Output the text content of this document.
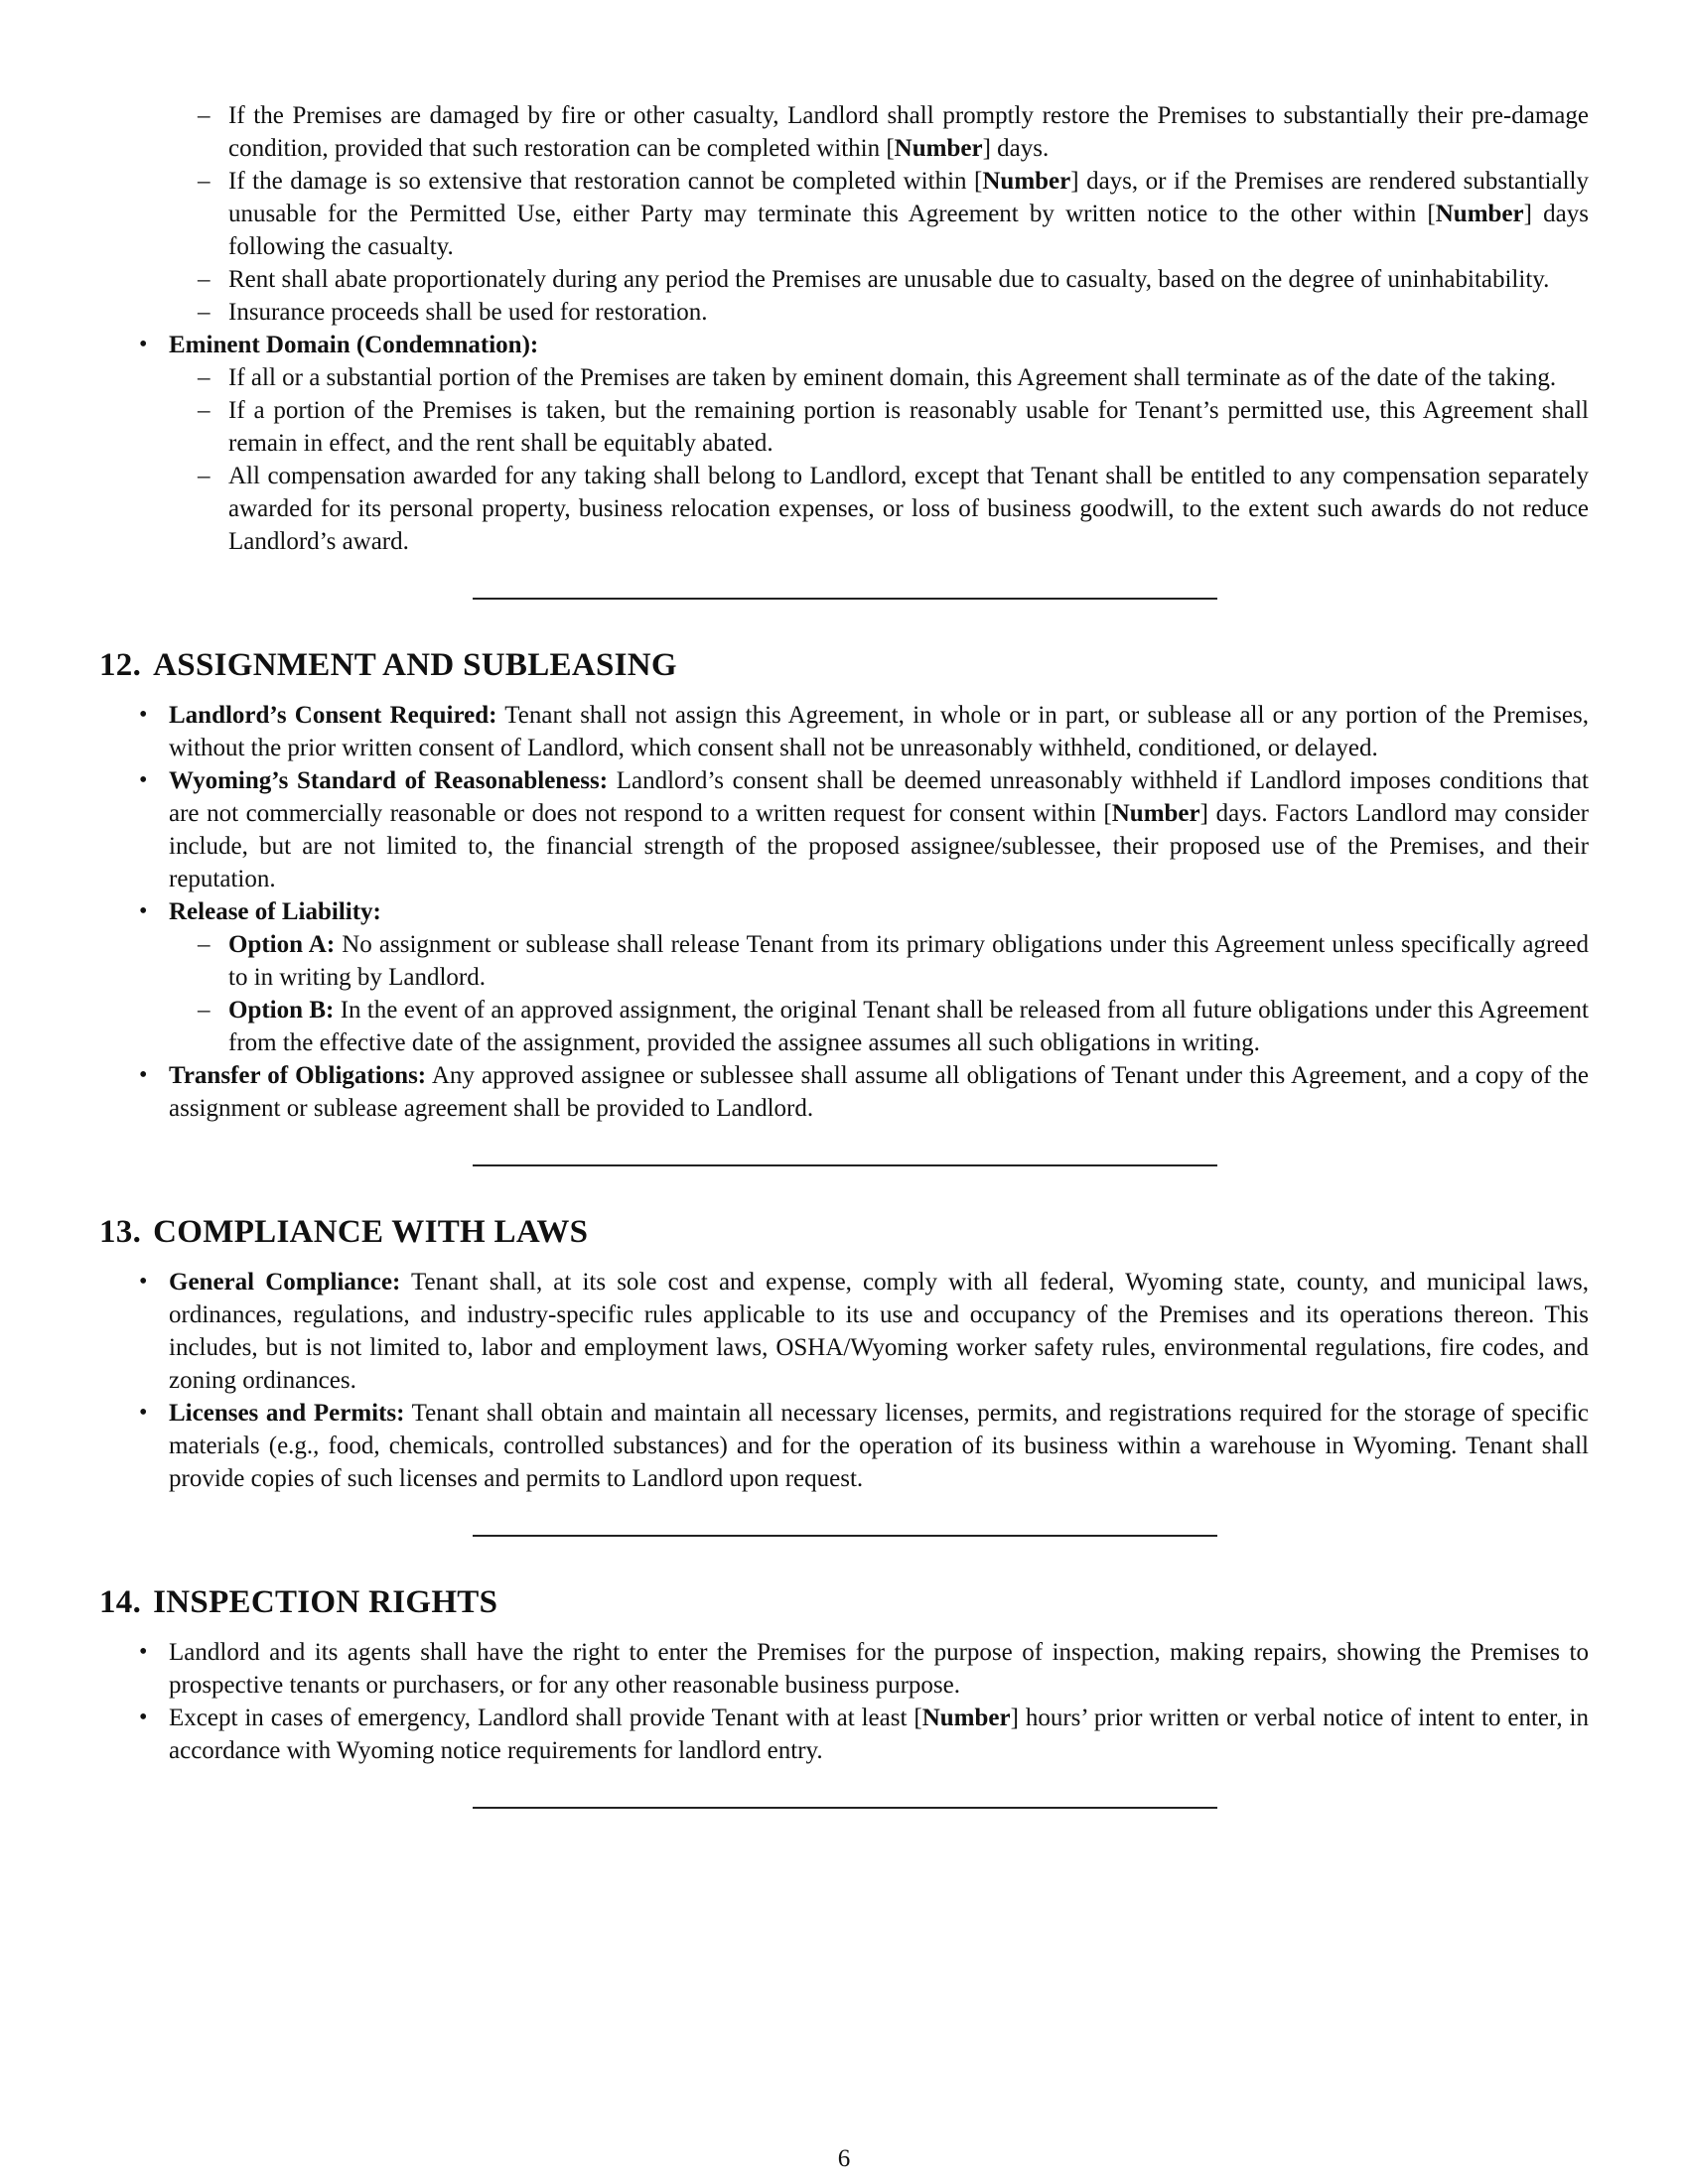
– If the Premises are damaged by fire or other casualty, Landlord shall promptly restore the Premises to substantially their pre-damage condition, provided that such restoration can be completed within [Number] days.
– If the damage is so extensive that restoration cannot be completed within [Number] days, or if the Premises are rendered substantially unusable for the Permitted Use, either Party may terminate this Agreement by written notice to the other within [Number] days following the casualty.
– Rent shall abate proportionately during any period the Premises are unusable due to casualty, based on the degree of uninhabitability.
– Insurance proceeds shall be used for restoration.
• Eminent Domain (Condemnation):
– If all or a substantial portion of the Premises are taken by eminent domain, this Agreement shall terminate as of the date of the taking.
– If a portion of the Premises is taken, but the remaining portion is reasonably usable for Tenant’s permitted use, this Agreement shall remain in effect, and the rent shall be equitably abated.
– All compensation awarded for any taking shall belong to Landlord, except that Tenant shall be entitled to any compensation separately awarded for its personal property, business relocation expenses, or loss of business goodwill, to the extent such awards do not reduce Landlord’s award.
12. ASSIGNMENT AND SUBLEASING
• Landlord’s Consent Required: Tenant shall not assign this Agreement, in whole or in part, or sublease all or any portion of the Premises, without the prior written consent of Landlord, which consent shall not be unreasonably withheld, conditioned, or delayed.
• Wyoming’s Standard of Reasonableness: Landlord’s consent shall be deemed unreasonably withheld if Landlord imposes conditions that are not commercially reasonable or does not respond to a written request for consent within [Number] days. Factors Landlord may consider include, but are not limited to, the financial strength of the proposed assignee/sublessee, their proposed use of the Premises, and their reputation.
• Release of Liability:
– Option A: No assignment or sublease shall release Tenant from its primary obligations under this Agreement unless specifically agreed to in writing by Landlord.
– Option B: In the event of an approved assignment, the original Tenant shall be released from all future obligations under this Agreement from the effective date of the assignment, provided the assignee assumes all such obligations in writing.
• Transfer of Obligations: Any approved assignee or sublessee shall assume all obligations of Tenant under this Agreement, and a copy of the assignment or sublease agreement shall be provided to Landlord.
13. COMPLIANCE WITH LAWS
• General Compliance: Tenant shall, at its sole cost and expense, comply with all federal, Wyoming state, county, and municipal laws, ordinances, regulations, and industry-specific rules applicable to its use and occupancy of the Premises and its operations thereon. This includes, but is not limited to, labor and employment laws, OSHA/Wyoming worker safety rules, environmental regulations, fire codes, and zoning ordinances.
• Licenses and Permits: Tenant shall obtain and maintain all necessary licenses, permits, and registrations required for the storage of specific materials (e.g., food, chemicals, controlled substances) and for the operation of its business within a warehouse in Wyoming. Tenant shall provide copies of such licenses and permits to Landlord upon request.
14. INSPECTION RIGHTS
• Landlord and its agents shall have the right to enter the Premises for the purpose of inspection, making repairs, showing the Premises to prospective tenants or purchasers, or for any other reasonable business purpose.
• Except in cases of emergency, Landlord shall provide Tenant with at least [Number] hours’ prior written or verbal notice of intent to enter, in accordance with Wyoming notice requirements for landlord entry.
6
